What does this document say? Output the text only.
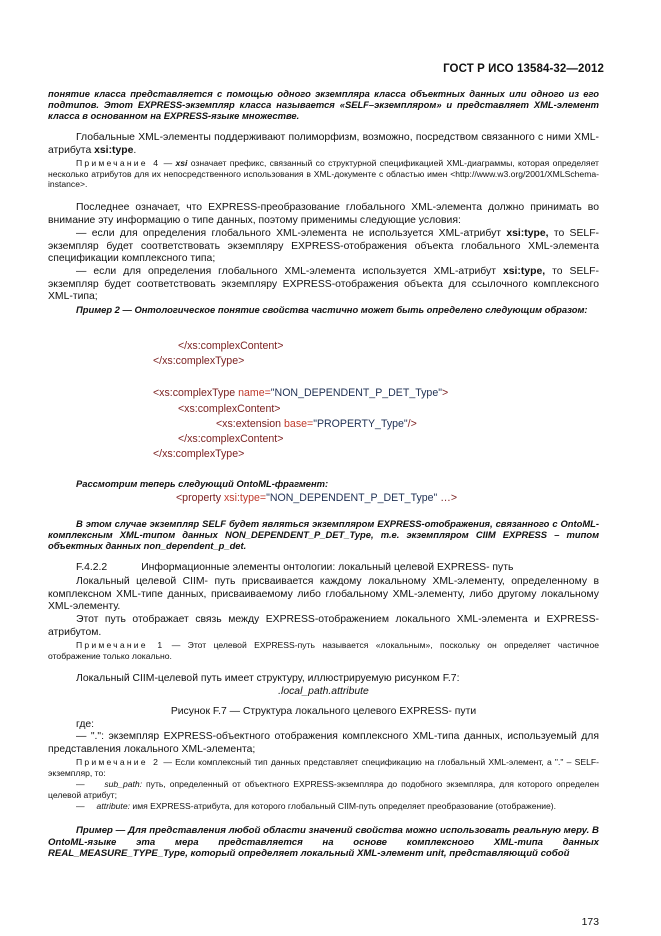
ГОСТ Р ИСО 13584-32—2012
понятие класса представляется с помощью одного экземпляра класса объектных данных или одного из его подтипов. Этот EXPRESS-экземпляр класса называется «SELF–экземпляром» и представляет XML-элемент класса в основанном на EXPRESS-языке множестве.
Глобальные XML-элементы поддерживают полиморфизм, возможно, посредством связанного с ними XML-атрибута xsi:type.
Примечание 4 — xsi означает префикс, связанный со структурной спецификацией XML-диаграммы, которая определяет несколько атрибутов для их непосредственного использования в XML-документе с областью имен <http://www.w3.org/2001/XMLSchema-instance>.
Последнее означает, что EXPRESS-преобразование глобального XML-элемента должно принимать во внимание эту информацию о типе данных, поэтому применимы следующие условия:
— если для определения глобального XML-элемента не используется XML-атрибут xsi:type, то SELF-экземпляр будет соответствовать экземпляру EXPRESS-отображения объекта глобального XML-элемента спецификации комплексного типа;
— если для определения глобального XML-элемента используется XML-атрибут xsi:type, то SELF-экземпляр будет соответствовать экземпляру EXPRESS-отображения объекта для ссылочного комплексного XML-типа;
Пример 2 — Онтологическое понятие свойства частично может быть определено следующим образом:
</xs:complexContent>
</xs:complexType>
<xs:complexType name="NON_DEPENDENT_P_DET_Type">
<xs:complexContent>
<xs:extension base="PROPERTY_Type"/>
</xs:complexContent>
</xs:complexType>
Рассмотрим теперь следующий OntoML-фрагмент:
<property xsi:type="NON_DEPENDENT_P_DET_Type" …>
В этом случае экземпляр SELF будет являться экземпляром EXPRESS-отображения, связанного с OntoML-комплексным XML-типом данных NON_DEPENDENT_P_DET_Type, т.е. экземпляром CIIM EXPRESS – типом объектных данных non_dependent_p_det.
F.4.2.2	Информационные элементы онтологии: локальный целевой EXPRESS- путь
Локальный целевой CIIM- путь присваивается каждому локальному XML-элементу, определенному в комплексном XML-типе данных, присваиваемому либо глобальному XML-элементу, либо другому локальному XML-элементу.
Этот путь отображает связь между EXPRESS-отображением локального XML-элемента и EXPRESS-атрибутом.
Примечание 1 — Этот целевой EXPRESS-путь называется «локальным», поскольку он определяет частичное отображение только локально.
Локальный CIIM-целевой путь имеет структуру, иллюстрируемую рисунком F.7:
.local_path.attribute
Рисунок F.7 — Структура локального целевого EXPRESS- пути
где:
— ".": экземпляр EXPRESS-объектного отображения комплексного XML-типа данных, используемый для представления локального XML-элемента;
Примечание 2 — Если комплексный тип данных представляет спецификацию на глобальный XML-элемент, а "." – SELF-экземпляр, то:
—     sub_path: путь, определенный от объектного EXPRESS-экземпляра до подобного экземпляра, для которого определен целевой атрибут;
—     attribute: имя EXPRESS-атрибута, для которого глобальный CIIM-путь определяет преобразование (отображение).
Пример — Для представления любой области значений свойства можно использовать реальную меру. В OntoML-языке эта мера представляется на основе комплексного XML-типа данных REAL_MEASURE_TYPE_Type, который определяет локальный XML-элемент unit, представляющий собой
173
